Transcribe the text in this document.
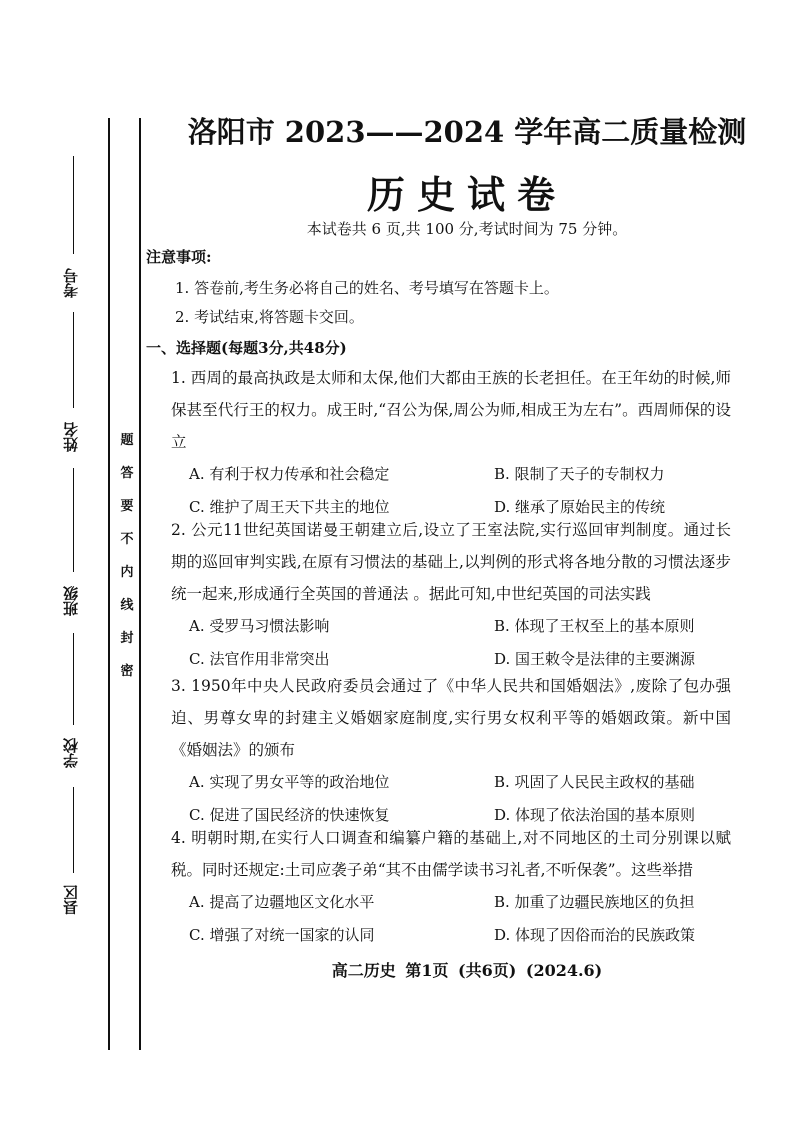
考号
姓名
班级
学校
县区
题
答
要
不
内
线
封
密
洛阳市 2023——2024 学年高二质量检测
历史试卷
本试卷共 6 页,共 100 分,考试时间为 75 分钟。
注意事项:
1. 答卷前,考生务必将自己的姓名、考号填写在答题卡上。
2. 考试结束,将答题卡交回。
一、选择题(每题3分,共48分)
1. 西周的最高执政是太师和太保,他们大都由王族的长老担任。在王年幼的时候,师保甚至代行王的权力。成王时,“召公为保,周公为师,相成王为左右”。西周师保的设立
A. 有利于权力传承和社会稳定	B. 限制了天子的专制权力
C. 维护了周王天下共主的地位	D. 继承了原始民主的传统
2. 公元11世纪英国诺曼王朝建立后,设立了王室法院,实行巡回审判制度。通过长期的巡回审判实践,在原有习惯法的基础上,以判例的形式将各地分散的习惯法逐步统一起来,形成通行全英国的普通法 。据此可知,中世纪英国的司法实践
A. 受罗马习惯法影响	B. 体现了王权至上的基本原则
C. 法官作用非常突出	D. 国王敕令是法律的主要渊源
3. 1950年中央人民政府委员会通过了《中华人民共和国婚姻法》,废除了包办强迫、男尊女卑的封建主义婚姻家庭制度,实行男女权利平等的婚姻政策。新中国《婚姻法》的颁布
A. 实现了男女平等的政治地位	B. 巩固了人民民主政权的基础
C. 促进了国民经济的快速恢复	D. 体现了依法治国的基本原则
4. 明朝时期,在实行人口调查和编纂户籍的基础上,对不同地区的土司分别课以赋税。同时还规定:土司应袭子弟“其不由儒学读书习礼者,不听保袭”。这些举措
A. 提高了边疆地区文化水平	B. 加重了边疆民族地区的负担
C. 增强了对统一国家的认同	D. 体现了因俗而治的民族政策
高二历史 第1页 (共6页) (2024.6)
